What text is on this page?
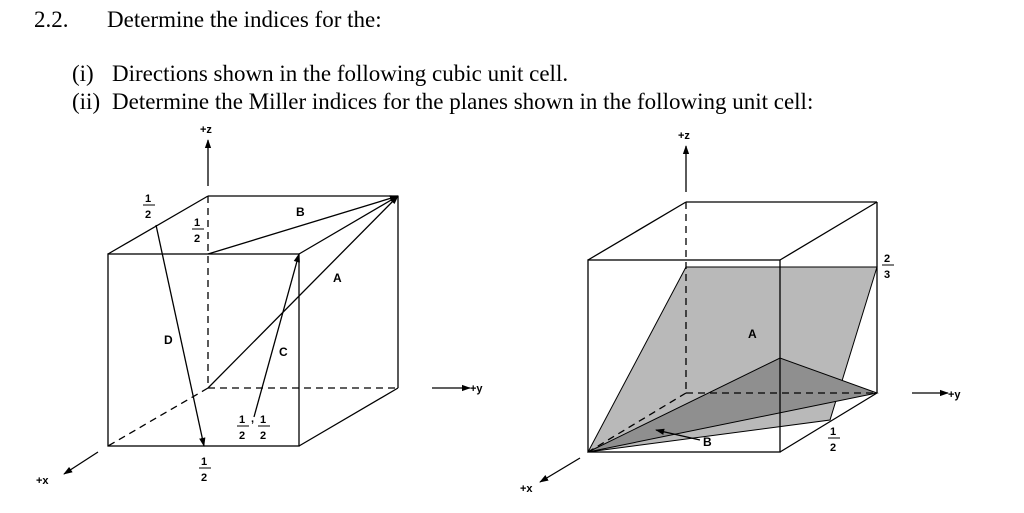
2.2. Determine the indices for the:
(i) Directions shown in the following cubic unit cell.
(ii) Determine the Miller indices for the planes shown in the following unit cell:
+z
+y
+x
A
B
C
D
1
2
1
2
1
2
, 1
2
1
2
+z
+y
+x
A
B
2
3
1
2
